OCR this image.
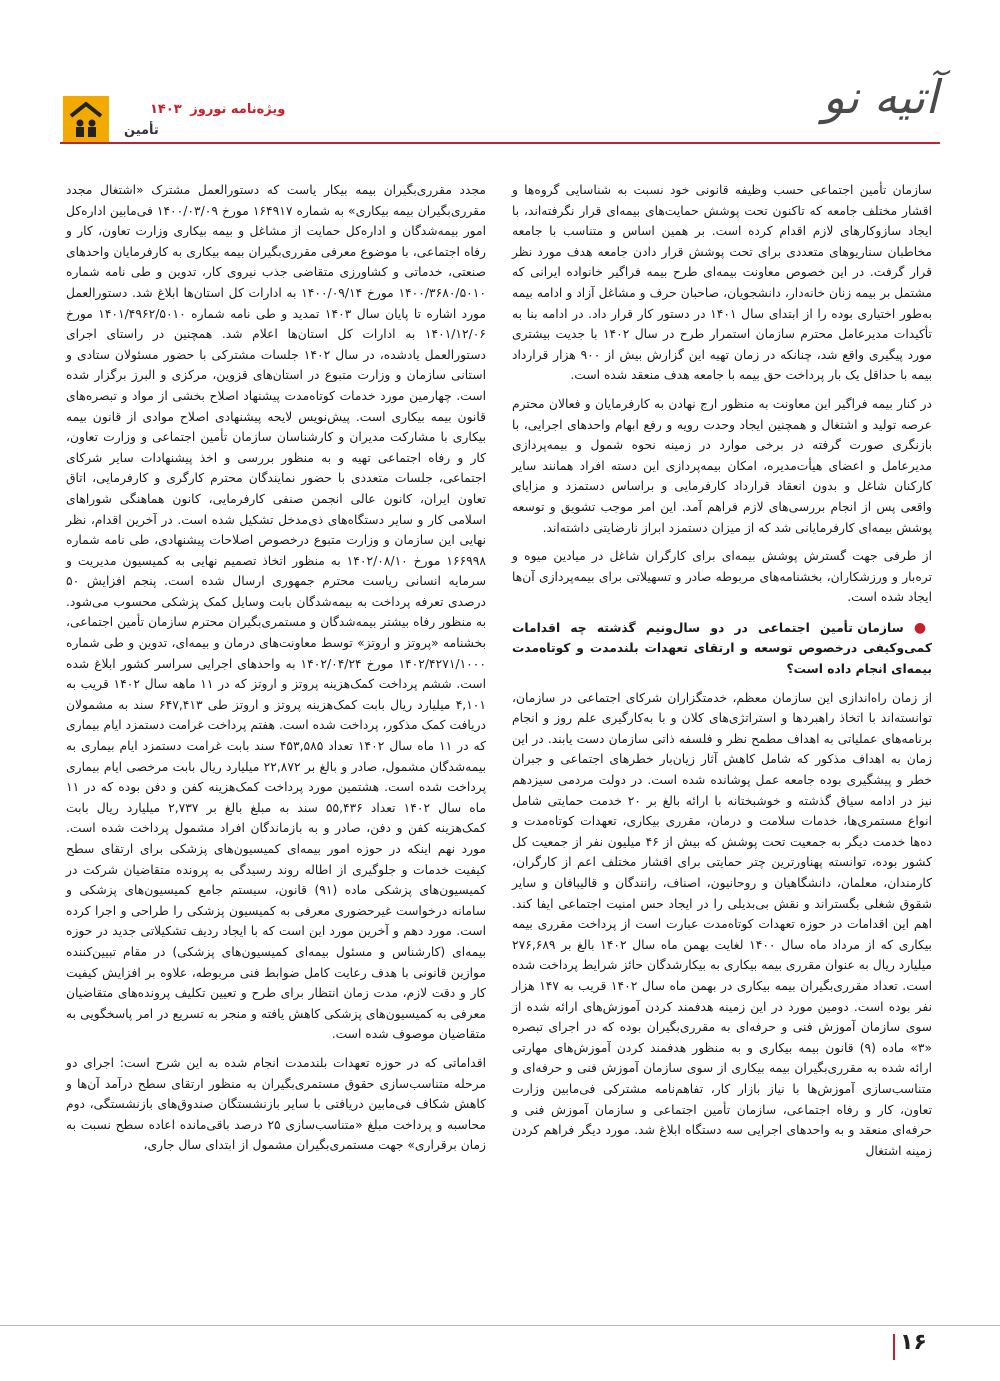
آتیه نو
ویژه‌نامه نوروز ۱۴۰۳
تأمین

سازمان تأمین اجتماعی حسب وظیفه قانونی خود نسبت به شناسایی گروه‌ها و اقشار مختلف جامعه که تاکنون تحت پوشش حمایت‌های بیمه‌ای قرار نگرفته‌اند، با ایجاد سازوکارهای لازم اقدام کرده است. بر همین اساس و متناسب با جامعه مخاطبان سناریوهای متعددی برای تحت پوشش قرار دادن جامعه هدف مورد نظر قرار گرفت. در این خصوص معاونت بیمه‌ای طرح بیمه فراگیر خانواده ایرانی که مشتمل بر بیمه زنان خانه‌دار، دانشجویان، صاحبان حرف و مشاغل آزاد و ادامه بیمه به‌طور اختیاری بوده را از ابتدای سال ۱۴۰۱ در دستور کار قرار داد. در ادامه بنا به تأکیدات مدیرعامل محترم سازمان استمرار طرح در سال ۱۴۰۲ با جدیت بیشتری مورد پیگیری واقع شد، چنانکه در زمان تهیه این گزارش بیش از ۹۰۰ هزار قرارداد بیمه با حداقل یک بار پرداخت حق بیمه با جامعه هدف منعقد شده است.

در کنار بیمه فراگیر این معاونت به منظور ارج نهادن به کارفرمایان و فعالان محترم عرصه تولید و اشتغال و همچنین ایجاد وحدت رویه و رفع ابهام واحدهای اجرایی، با بازنگری صورت گرفته در برخی موارد در زمینه نحوه شمول و بیمه‌پردازی مدیرعامل و اعضای هیأت‌مدیره، امکان بیمه‌پردازی این دسته افراد همانند سایر کارکنان شاغل و بدون انعقاد قرارداد کارفرمایی و براساس دستمزد و مزایای واقعی پس از انجام بررسی‌های لازم فراهم آمد. این امر موجب تشویق و توسعه پوشش بیمه‌ای کارفرمایانی شد که از میزان دستمزد ابراز نارضایتی داشته‌اند.

از طرفی جهت گسترش پوشش بیمه‌ای برای کارگران شاغل در میادین میوه و تره‌بار و ورزشکاران، بخشنامه‌های مربوطه صادر و تسهیلاتی برای بیمه‌پردازی آن‌ها ایجاد شده است.

● سازمان تأمین اجتماعی در دو سال‌ونیم گذشته چه اقدامات کمی‌وکیفی درخصوص توسعه و ارتقای تعهدات بلندمدت و کوتاه‌مدت بیمه‌ای انجام داده است؟

از زمان راه‌اندازی این سازمان معظم، خدمتگزاران شرکای اجتماعی در سازمان، توانسته‌اند با اتخاذ راهبردها و استراتژی‌های کلان و با به‌کارگیری علم روز و انجام برنامه‌های عملیاتی به اهداف مطمح نظر و فلسفه ذاتی سازمان دست یابند. در این زمان به اهداف مذکور که شامل کاهش آثار زیان‌بار خطرهای اجتماعی و جبران خطر و پیشگیری بوده جامعه عمل پوشانده شده است. در دولت مردمی سیزدهم نیز در ادامه سیاق گذشته و خوشبختانه با ارائه بالغ بر ۲۰ خدمت حمایتی شامل انواع مستمری‌ها، خدمات سلامت و درمان، مقرری بیکاری، تعهدات کوتاه‌مدت و ده‌ها خدمت دیگر به جمعیت تحت پوشش که بیش از ۴۶ میلیون نفر از جمعیت کل کشور بوده، توانسته پهناورترین چتر حمایتی برای اقشار مختلف اعم از کارگران، کارمندان، معلمان، دانشگاهیان و روحانیون، اصناف، رانندگان و قالیبافان و سایر شقوق شغلی بگستراند و نقش بی‌بدیلی را در ایجاد حس امنیت اجتماعی ایفا کند. اهم این اقدامات در حوزه تعهدات کوتاه‌مدت عبارت است از پرداخت مقرری بیمه بیکاری که از مرداد ماه سال ۱۴۰۰ لغایت بهمن ماه سال ۱۴۰۲ بالغ بر ۲۷۶,۶۸۹ میلیارد ریال به عنوان مقرری بیمه بیکاری به بیکارشدگان حائز شرایط پرداخت شده است. تعداد مقرری‌بگیران بیمه بیکاری در بهمن ماه سال ۱۴۰۲ قریب به ۱۴۷ هزار نفر بوده است. دومین مورد در این زمینه هدفمند کردن آموزش‌های ارائه شده از سوی سازمان آموزش فنی و حرفه‌ای به مقرری‌بگیران بوده که در اجرای تبصره «۳» ماده (۹) قانون بیمه بیکاری و به منظور هدفمند کردن آموزش‌های مهارتی ارائه شده به مقرری‌بگیران بیمه بیکاری از سوی سازمان آموزش فنی و حرفه‌ای و متناسب‌سازی آموزش‌ها با نیاز بازار کار، تفاهم‌نامه مشترکی فی‌مابین وزارت تعاون، کار و رفاه اجتماعی، سازمان تأمین اجتماعی و سازمان آموزش فنی و حرفه‌ای منعقد و به واحدهای اجرایی سه دستگاه ابلاغ شد. مورد دیگر فراهم کردن زمینه اشتغال

مجدد مقرری‌بگیران بیمه بیکار یاست که دستورالعمل مشترک «اشتغال مجدد مقرری‌بگیران بیمه بیکاری» به شماره ۱۶۴۹۱۷ مورخ ۱۴۰۰/۰۳/۰۹ فی‌مابین اداره‌کل امور بیمه‌شدگان و اداره‌کل حمایت از مشاغل و بیمه بیکاری وزارت تعاون، کار و رفاه اجتماعی، با موضوع معرفی مقرری‌بگیران بیمه بیکاری به کارفرمایان واحدهای صنعتی، خدماتی و کشاورزی متقاضی جذب نیروی کار، تدوین و طی نامه شماره ۱۴۰۰/۳۶۸۰/۵۰۱۰ مورخ ۱۴۰۰/۰۹/۱۴ به ادارات کل استان‌ها ابلاغ شد. دستورالعمل مورد اشاره تا پایان سال ۱۴۰۳ تمدید و طی نامه شماره ۱۴۰۱/۴۹۶۲/۵۰۱۰ مورخ ۱۴۰۱/۱۲/۰۶ به ادارات کل استان‌ها اعلام شد. همچنین در راستای اجرای دستورالعمل یادشده، در سال ۱۴۰۲ جلسات مشترکی با حضور مسئولان ستادی و استانی سازمان و وزارت متبوع در استان‌های قزوین، مرکزی و البرز برگزار شده است. چهارمین مورد خدمات کوتاه‌مدت پیشنهاد اصلاح بخشی از مواد و تبصره‌های قانون بیمه بیکاری است. پیش‌نویس لایحه پیشنهادی اصلاح موادی از قانون بیمه بیکاری با مشارکت مدیران و کارشناسان سازمان تأمین اجتماعی و وزارت تعاون، کار و رفاه اجتماعی تهیه و به منظور بررسی و اخذ پیشنهادات سایر شرکای اجتماعی، جلسات متعددی با حضور نمایندگان محترم کارگری و کارفرمایی، اتاق تعاون ایران، کانون عالی انجمن صنفی کارفرمایی، کانون هماهنگی شوراهای اسلامی کار و سایر دستگاه‌های ذی‌مدخل تشکیل شده است. در آخرین اقدام، نظر نهایی این سازمان و وزارت متبوع درخصوص اصلاحات پیشنهادی، طی نامه شماره ۱۶۶۹۹۸ مورخ ۱۴۰۲/۰۸/۱۰ به منظور اتخاذ تصمیم نهایی به کمیسیون مدیریت و سرمایه انسانی ریاست محترم جمهوری ارسال شده است. پنجم افزایش ۵۰ درصدی تعرفه پرداخت به بیمه‌شدگان بابت وسایل کمک پزشکی محسوب می‌شود. به منظور رفاه بیشتر بیمه‌شدگان و مستمری‌بگیران محترم سازمان تأمین اجتماعی، بخشنامه «پروتز و اروتز» توسط معاونت‌های درمان و بیمه‌ای، تدوین و طی شماره ۱۴۰۲/۴۲۷۱/۱۰۰۰ مورخ ۱۴۰۲/۰۴/۲۴ به واحدهای اجرایی سراسر کشور ابلاغ شده است. ششم پرداخت کمک‌هزینه پروتز و اروتز که در ۱۱ ماهه سال ۱۴۰۲ قریب به ۴,۱۰۱ میلیارد ریال بابت کمک‌هزینه پروتز و اروتز طی ۶۴۷,۴۱۳ سند به مشمولان دریافت کمک مذکور، پرداخت شده است. هفتم پرداخت غرامت دستمزد ایام بیماری که در ۱۱ ماه سال ۱۴۰۲ تعداد ۴۵۳,۵۸۵ سند بابت غرامت دستمزد ایام بیماری به بیمه‌شدگان مشمول، صادر و بالغ بر ۲۲,۸۷۲ میلیارد ریال بابت مرخصی ایام بیماری پرداخت شده است. هشتمین مورد پرداخت کمک‌هزینه کفن و دفن بوده که در ۱۱ ماه سال ۱۴۰۲ تعداد ۵۵,۴۳۶ سند به مبلغ بالغ بر ۲,۷۳۷ میلیارد ریال بابت کمک‌هزینه کفن و دفن، صادر و به بازماندگان افراد مشمول پرداخت شده است. مورد نهم اینکه در حوزه امور بیمه‌ای کمیسیون‌های پزشکی برای ارتقای سطح کیفیت خدمات و جلوگیری از اطاله روند رسیدگی به پرونده متقاضیان شرکت در کمیسیون‌های پزشکی ماده (۹۱) قانون، سیستم جامع کمیسیون‌های پزشکی و سامانه درخواست غیرحضوری معرفی به کمیسیون پزشکی را طراحی و اجرا کرده است. مورد دهم و آخرین مورد این است که با ایجاد ردیف تشکیلاتی جدید در حوزه بیمه‌ای (کارشناس و مسئول بیمه‌ای کمیسیون‌های پزشکی) در مقام تبیین‌کننده موازین قانونی با هدف رعایت کامل ضوابط فنی مربوطه، علاوه بر افزایش کیفیت کار و دقت لازم، مدت زمان انتظار برای طرح و تعیین تکلیف پرونده‌های متقاضیان معرفی به کمیسیون‌های پزشکی کاهش یافته و منجر به تسریع در امر پاسخگویی به متقاضیان موصوف شده است.

اقداماتی که در حوزه تعهدات بلندمدت انجام شده به این شرح است: اجرای دو مرحله متناسب‌سازی حقوق مستمری‌بگیران به منظور ارتقای سطح درآمد آن‌ها و کاهش شکاف فی‌مابین دریافتی با سایر بازنشستگان صندوق‌های بازنشستگی، دوم محاسبه و پرداخت مبلغ «متناسب‌سازی ۲۵ درصد باقی‌مانده اعاده سطح نسبت به زمان برقراری» جهت مستمری‌بگیران مشمول از ابتدای سال جاری،

۱۶
